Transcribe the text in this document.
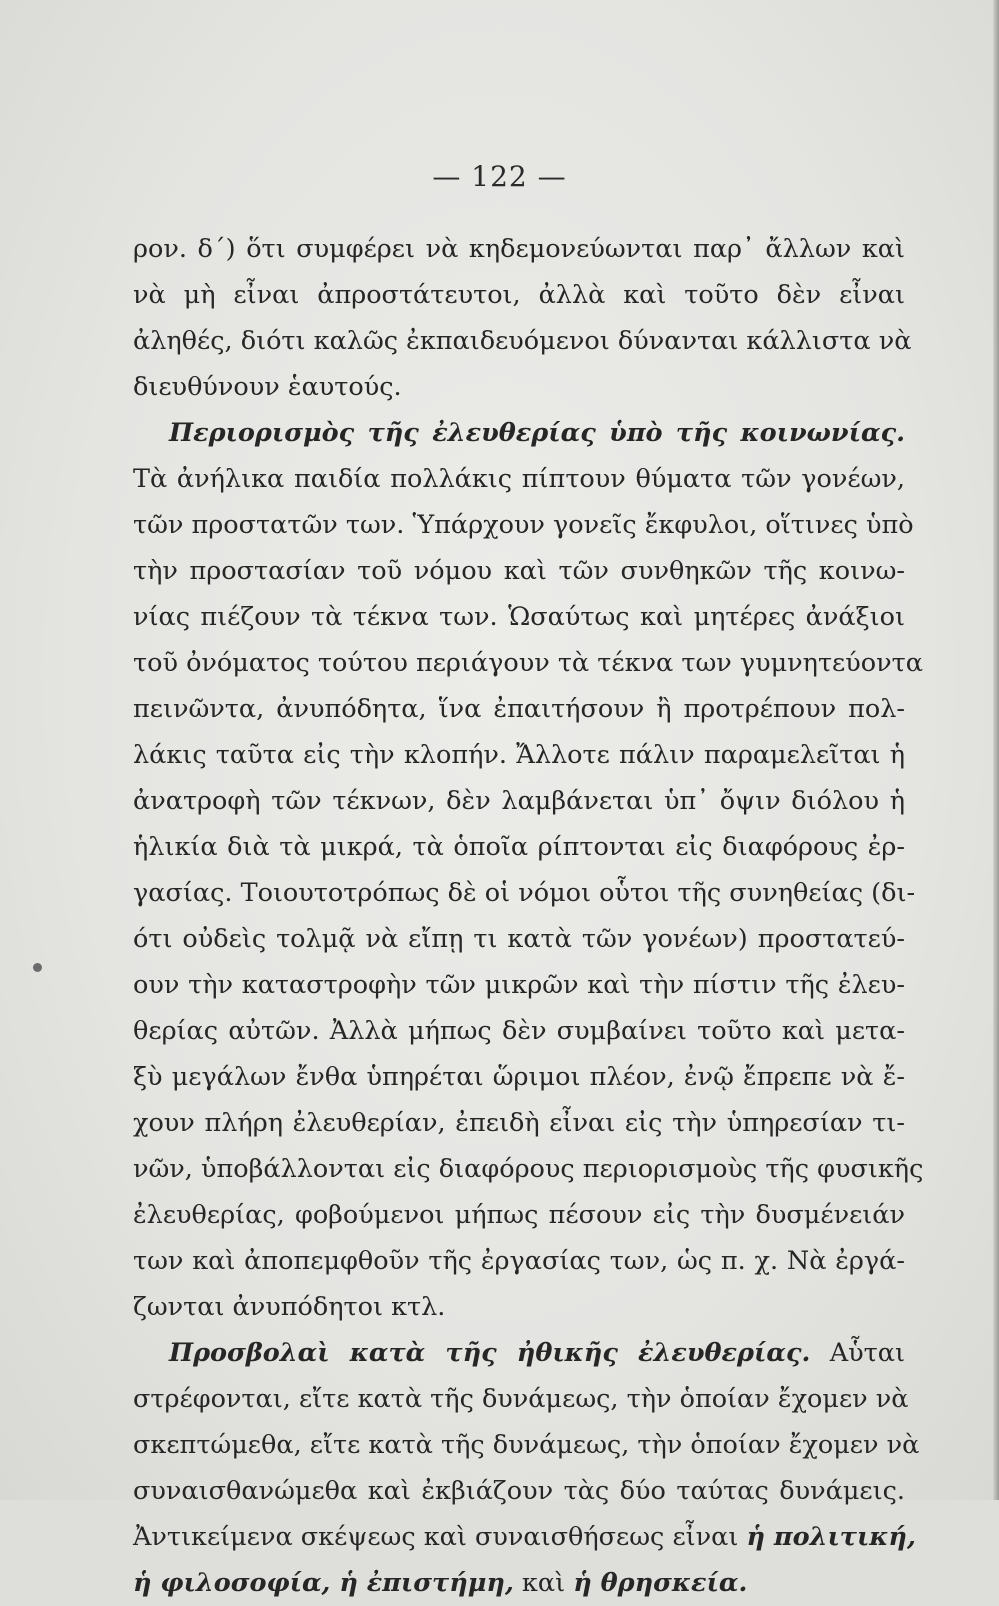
— 122 —
ρον. δ΄) ὅτι συμφέρει νὰ κηδεμονεύωνται παρ᾽ ἄλλων καὶ
νὰ μὴ εἶναι ἀπροστάτευτοι, ἀλλὰ καὶ τοῦτο δὲν εἶναι
ἀληθές, διότι καλῶς ἐκπαιδευόμενοι δύνανται κάλλιστα νὰ
διευθύνουν ἑαυτούς.
Περιορισμὸς τῆς ἐλευθερίας ὑπὸ τῆς κοινωνίας.
Τὰ ἀνήλικα παιδία πολλάκις πίπτουν θύματα τῶν γονέων,
τῶν προστατῶν των. Ὑπάρχουν γονεῖς ἔκφυλοι, οἵτινες ὑπὸ
τὴν προστασίαν τοῦ νόμου καὶ τῶν συνθηκῶν τῆς κοινω-
νίας πιέζουν τὰ τέκνα των. Ὡσαύτως καὶ μητέρες ἀνάξιοι
τοῦ ὀνόματος τούτου περιάγουν τὰ τέκνα των γυμνητεύοντα
πεινῶντα, ἀνυπόδητα, ἵνα ἐπαιτήσουν ἢ προτρέπουν πολ-
λάκις ταῦτα εἰς τὴν κλοπήν. Ἄλλοτε πάλιν παραμελεῖται ἡ
ἀνατροφὴ τῶν τέκνων, δὲν λαμβάνεται ὑπ᾽ ὄψιν διόλου ἡ
ἡλικία διὰ τὰ μικρά, τὰ ὁποῖα ρίπτονται εἰς διαφόρους ἐρ-
γασίας. Τοιουτοτρόπως δὲ οἱ νόμοι οὗτοι τῆς συνηθείας (δι-
ότι οὐδεὶς τολμᾷ νὰ εἴπῃ τι κατὰ τῶν γονέων) προστατεύ-
ουν τὴν καταστροφὴν τῶν μικρῶν καὶ τὴν πίστιν τῆς ἐλευ-
θερίας αὐτῶν. Ἀλλὰ μήπως δὲν συμβαίνει τοῦτο καὶ μετα-
ξὺ μεγάλων ἔνθα ὑπηρέται ὥριμοι πλέον, ἐνῷ ἔπρεπε νὰ ἔ-
χουν πλήρη ἐλευθερίαν, ἐπειδὴ εἶναι εἰς τὴν ὑπηρεσίαν τι-
νῶν, ὑποβάλλονται εἰς διαφόρους περιορισμοὺς τῆς φυσικῆς
ἐλευθερίας, φοβούμενοι μήπως πέσουν εἰς τὴν δυσμένειάν
των καὶ ἀποπεμφθοῦν τῆς ἐργασίας των, ὡς π. χ. Νὰ ἐργά-
ζωνται ἀνυπόδητοι κτλ.
Προσβολαὶ κατὰ τῆς ἠθικῆς ἐλευθερίας. Αὗται
στρέφονται, εἴτε κατὰ τῆς δυνάμεως, τὴν ὁποίαν ἔχομεν νὰ
σκεπτώμεθα, εἴτε κατὰ τῆς δυνάμεως, τὴν ὁποίαν ἔχομεν νὰ
συναισθανώμεθα καὶ ἐκβιάζουν τὰς δύο ταύτας δυνάμεις.
Ἀντικείμενα σκέψεως καὶ συναισθήσεως εἶναι ἡ πολιτική,
ἡ φιλοσοφία, ἡ ἐπιστήμη, καὶ ἡ θρησκεία.
